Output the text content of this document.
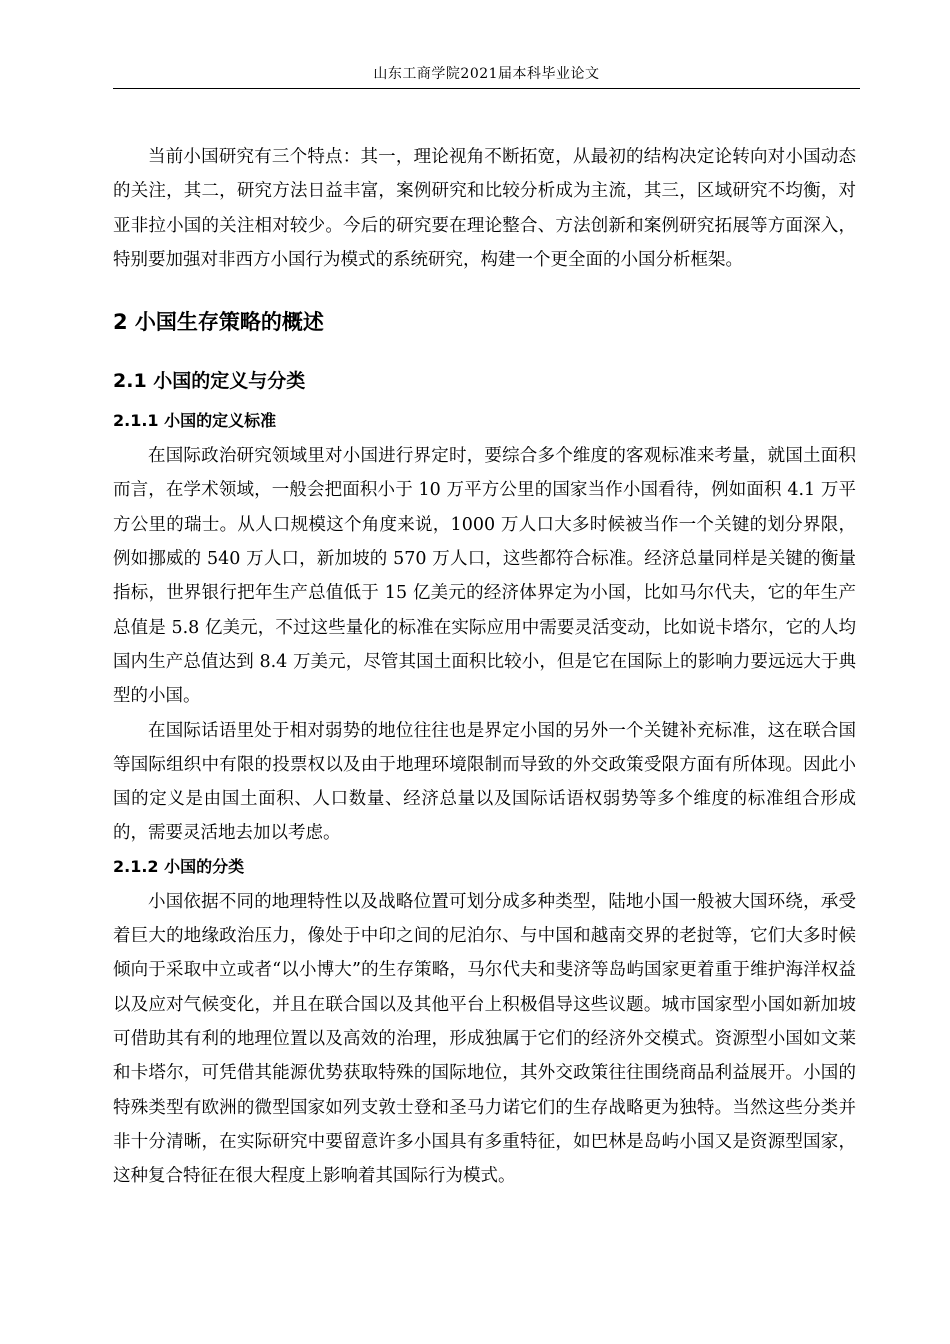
山东工商学院2021届本科毕业论文

当前小国研究有三个特点：其一，理论视角不断拓宽，从最初的结构决定论转向对小国动态的关注，其二，研究方法日益丰富，案例研究和比较分析成为主流，其三，区域研究不均衡，对亚非拉小国的关注相对较少。今后的研究要在理论整合、方法创新和案例研究拓展等方面深入，特别要加强对非西方小国行为模式的系统研究，构建一个更全面的小国分析框架。

2 小国生存策略的概述
2.1 小国的定义与分类
2.1.1 小国的定义标准

在国际政治研究领域里对小国进行界定时，要综合多个维度的客观标准来考量，就国土面积而言，在学术领域，一般会把面积小于 10 万平方公里的国家当作小国看待，例如面积 4.1 万平方公里的瑞士。从人口规模这个角度来说，1000 万人口大多时候被当作一个关键的划分界限，例如挪威的 540 万人口，新加坡的 570 万人口，这些都符合标准。经济总量同样是关键的衡量指标，世界银行把年生产总值低于 15 亿美元的经济体界定为小国，比如马尔代夫，它的年生产总值是 5.8 亿美元，不过这些量化的标准在实际应用中需要灵活变动，比如说卡塔尔，它的人均国内生产总值达到 8.4 万美元，尽管其国土面积比较小，但是它在国际上的影响力要远远大于典型的小国。

在国际话语里处于相对弱势的地位往往也是界定小国的另外一个关键补充标准，这在联合国等国际组织中有限的投票权以及由于地理环境限制而导致的外交政策受限方面有所体现。因此小国的定义是由国土面积、人口数量、经济总量以及国际话语权弱势等多个维度的标准组合形成的，需要灵活地去加以考虑。

2.1.2 小国的分类

小国依据不同的地理特性以及战略位置可划分成多种类型，陆地小国一般被大国环绕，承受着巨大的地缘政治压力，像处于中印之间的尼泊尔、与中国和越南交界的老挝等，它们大多时候倾向于采取中立或者“以小博大”的生存策略，马尔代夫和斐济等岛屿国家更着重于维护海洋权益以及应对气候变化，并且在联合国以及其他平台上积极倡导这些议题。城市国家型小国如新加坡可借助其有利的地理位置以及高效的治理，形成独属于它们的经济外交模式。资源型小国如文莱和卡塔尔，可凭借其能源优势获取特殊的国际地位，其外交政策往往围绕商品利益展开。小国的特殊类型有欧洲的微型国家如列支敦士登和圣马力诺它们的生存战略更为独特。当然这些分类并非十分清晰，在实际研究中要留意许多小国具有多重特征，如巴林是岛屿小国又是资源型国家，这种复合特征在很大程度上影响着其国际行为模式。
